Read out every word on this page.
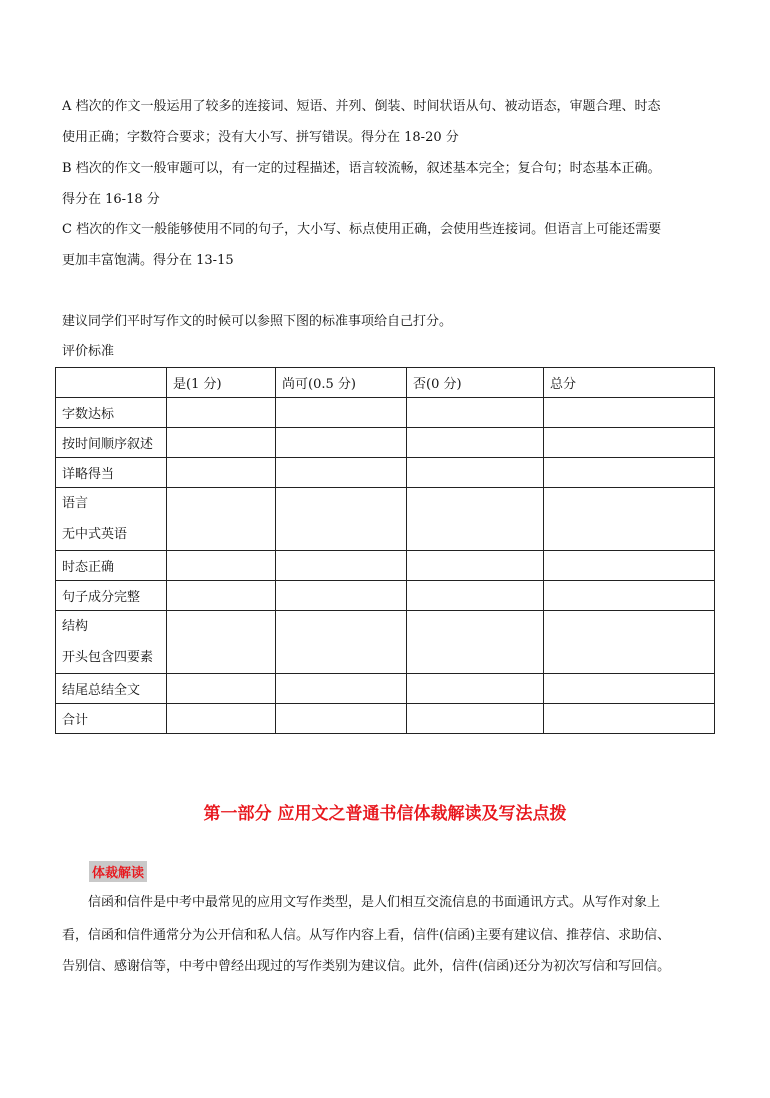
A 档次的作文一般运用了较多的连接词、短语、并列、倒装、时间状语从句、被动语态，审题合理、时态
使用正确；字数符合要求；没有大小写、拼写错误。得分在 18-20 分
B 档次的作文一般审题可以，有一定的过程描述，语言较流畅，叙述基本完全；复合句；时态基本正确。
得分在 16-18 分
C 档次的作文一般能够使用不同的句子，大小写、标点使用正确，会使用些连接词。但语言上可能还需要
更加丰富饱满。得分在 13-15
建议同学们平时写作文的时候可以参照下图的标准事项给自己打分。
评价标准
	是(1 分)	尚可(0.5 分)	否(0 分)	总分
字数达标				
按时间顺序叙述				
详略得当				

语言
无中式英语				

时态正确				
句子成分完整				

结构
开头包含四要素				

结尾总结全文				
合计				
第一部分 应用文之普通书信体裁解读及写法点拨
体裁解读
信函和信件是中考中最常见的应用文写作类型，是人们相互交流信息的书面通讯方式。从写作对象上
看，信函和信件通常分为公开信和私人信。从写作内容上看，信件(信函)主要有建议信、推荐信、求助信、
告别信、感谢信等，中考中曾经出现过的写作类别为建议信。此外，信件(信函)还分为初次写信和写回信。
